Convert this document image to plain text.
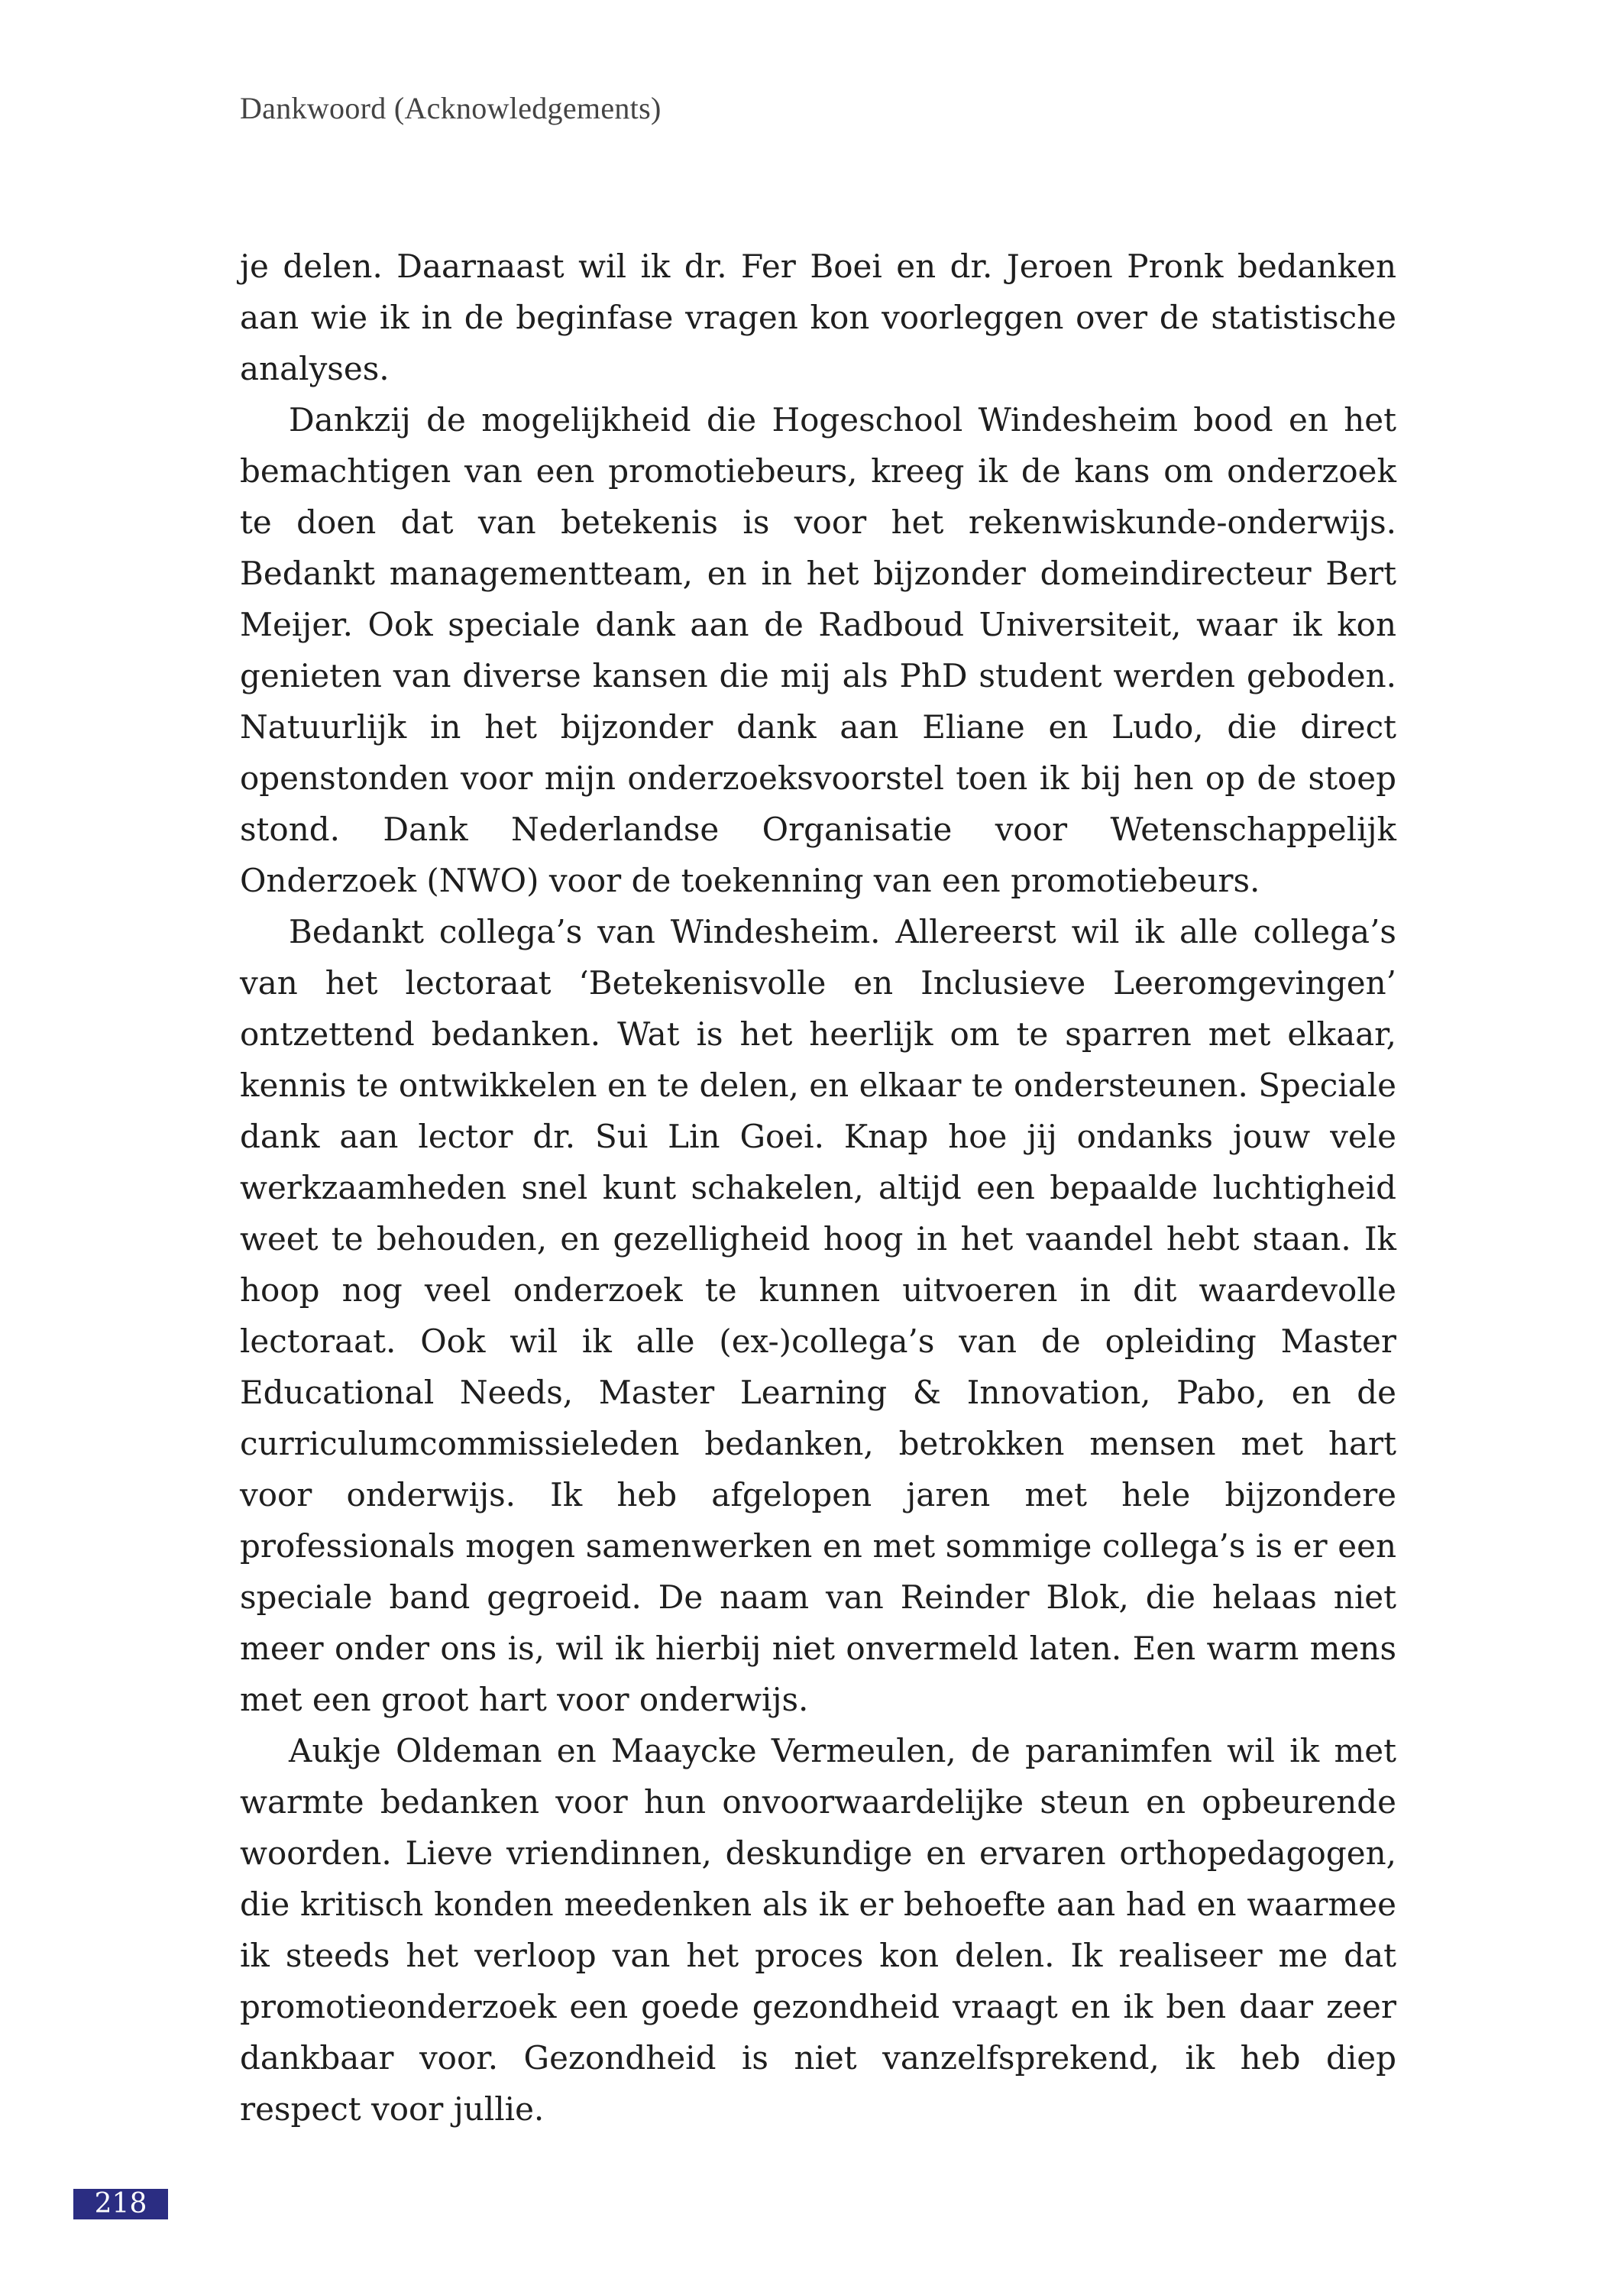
Dankwoord (Acknowledgements)

je delen. Daarnaast wil ik dr. Fer Boei en dr. Jeroen Pronk bedanken aan wie ik in de beginfase vragen kon voorleggen over de statistische analyses.

Dankzij de mogelijkheid die Hogeschool Windesheim bood en het bemachtigen van een promotiebeurs, kreeg ik de kans om onderzoek te doen dat van betekenis is voor het rekenwiskunde-onderwijs. Bedankt managementteam, en in het bijzonder domeindirecteur Bert Meijer. Ook speciale dank aan de Radboud Universiteit, waar ik kon genieten van diverse kansen die mij als PhD student werden geboden. Natuurlijk in het bijzonder dank aan Eliane en Ludo, die direct openstonden voor mijn onderzoeksvoorstel toen ik bij hen op de stoep stond. Dank Nederlandse Organisatie voor Wetenschappelijk Onderzoek (NWO) voor de toekenning van een promotiebeurs.

Bedankt collega’s van Windesheim. Allereerst wil ik alle collega’s van het lectoraat ‘Betekenisvolle en Inclusieve Leeromgevingen’ ontzettend bedanken. Wat is het heerlijk om te sparren met elkaar, kennis te ontwikkelen en te delen, en elkaar te ondersteunen. Speciale dank aan lector dr. Sui Lin Goei. Knap hoe jij ondanks jouw vele werkzaamheden snel kunt schakelen, altijd een bepaalde luchtigheid weet te behouden, en gezelligheid hoog in het vaandel hebt staan. Ik hoop nog veel onderzoek te kunnen uitvoeren in dit waardevolle lectoraat. Ook wil ik alle (ex-)collega’s van de opleiding Master Educational Needs, Master Learning & Innovation, Pabo, en de curriculumcommissieleden bedanken, betrokken mensen met hart voor onderwijs. Ik heb afgelopen jaren met hele bijzondere professionals mogen samenwerken en met sommige collega’s is er een speciale band gegroeid. De naam van Reinder Blok, die helaas niet meer onder ons is, wil ik hierbij niet onvermeld laten. Een warm mens met een groot hart voor onderwijs.

Aukje Oldeman en Maaycke Vermeulen, de paranimfen wil ik met warmte bedanken voor hun onvoorwaardelijke steun en opbeurende woorden. Lieve vriendinnen, deskundige en ervaren orthopedagogen, die kritisch konden meedenken als ik er behoefte aan had en waarmee ik steeds het verloop van het proces kon delen. Ik realiseer me dat promotieonderzoek een goede gezondheid vraagt en ik ben daar zeer dankbaar voor. Gezondheid is niet vanzelfsprekend, ik heb diep respect voor jullie.

218
